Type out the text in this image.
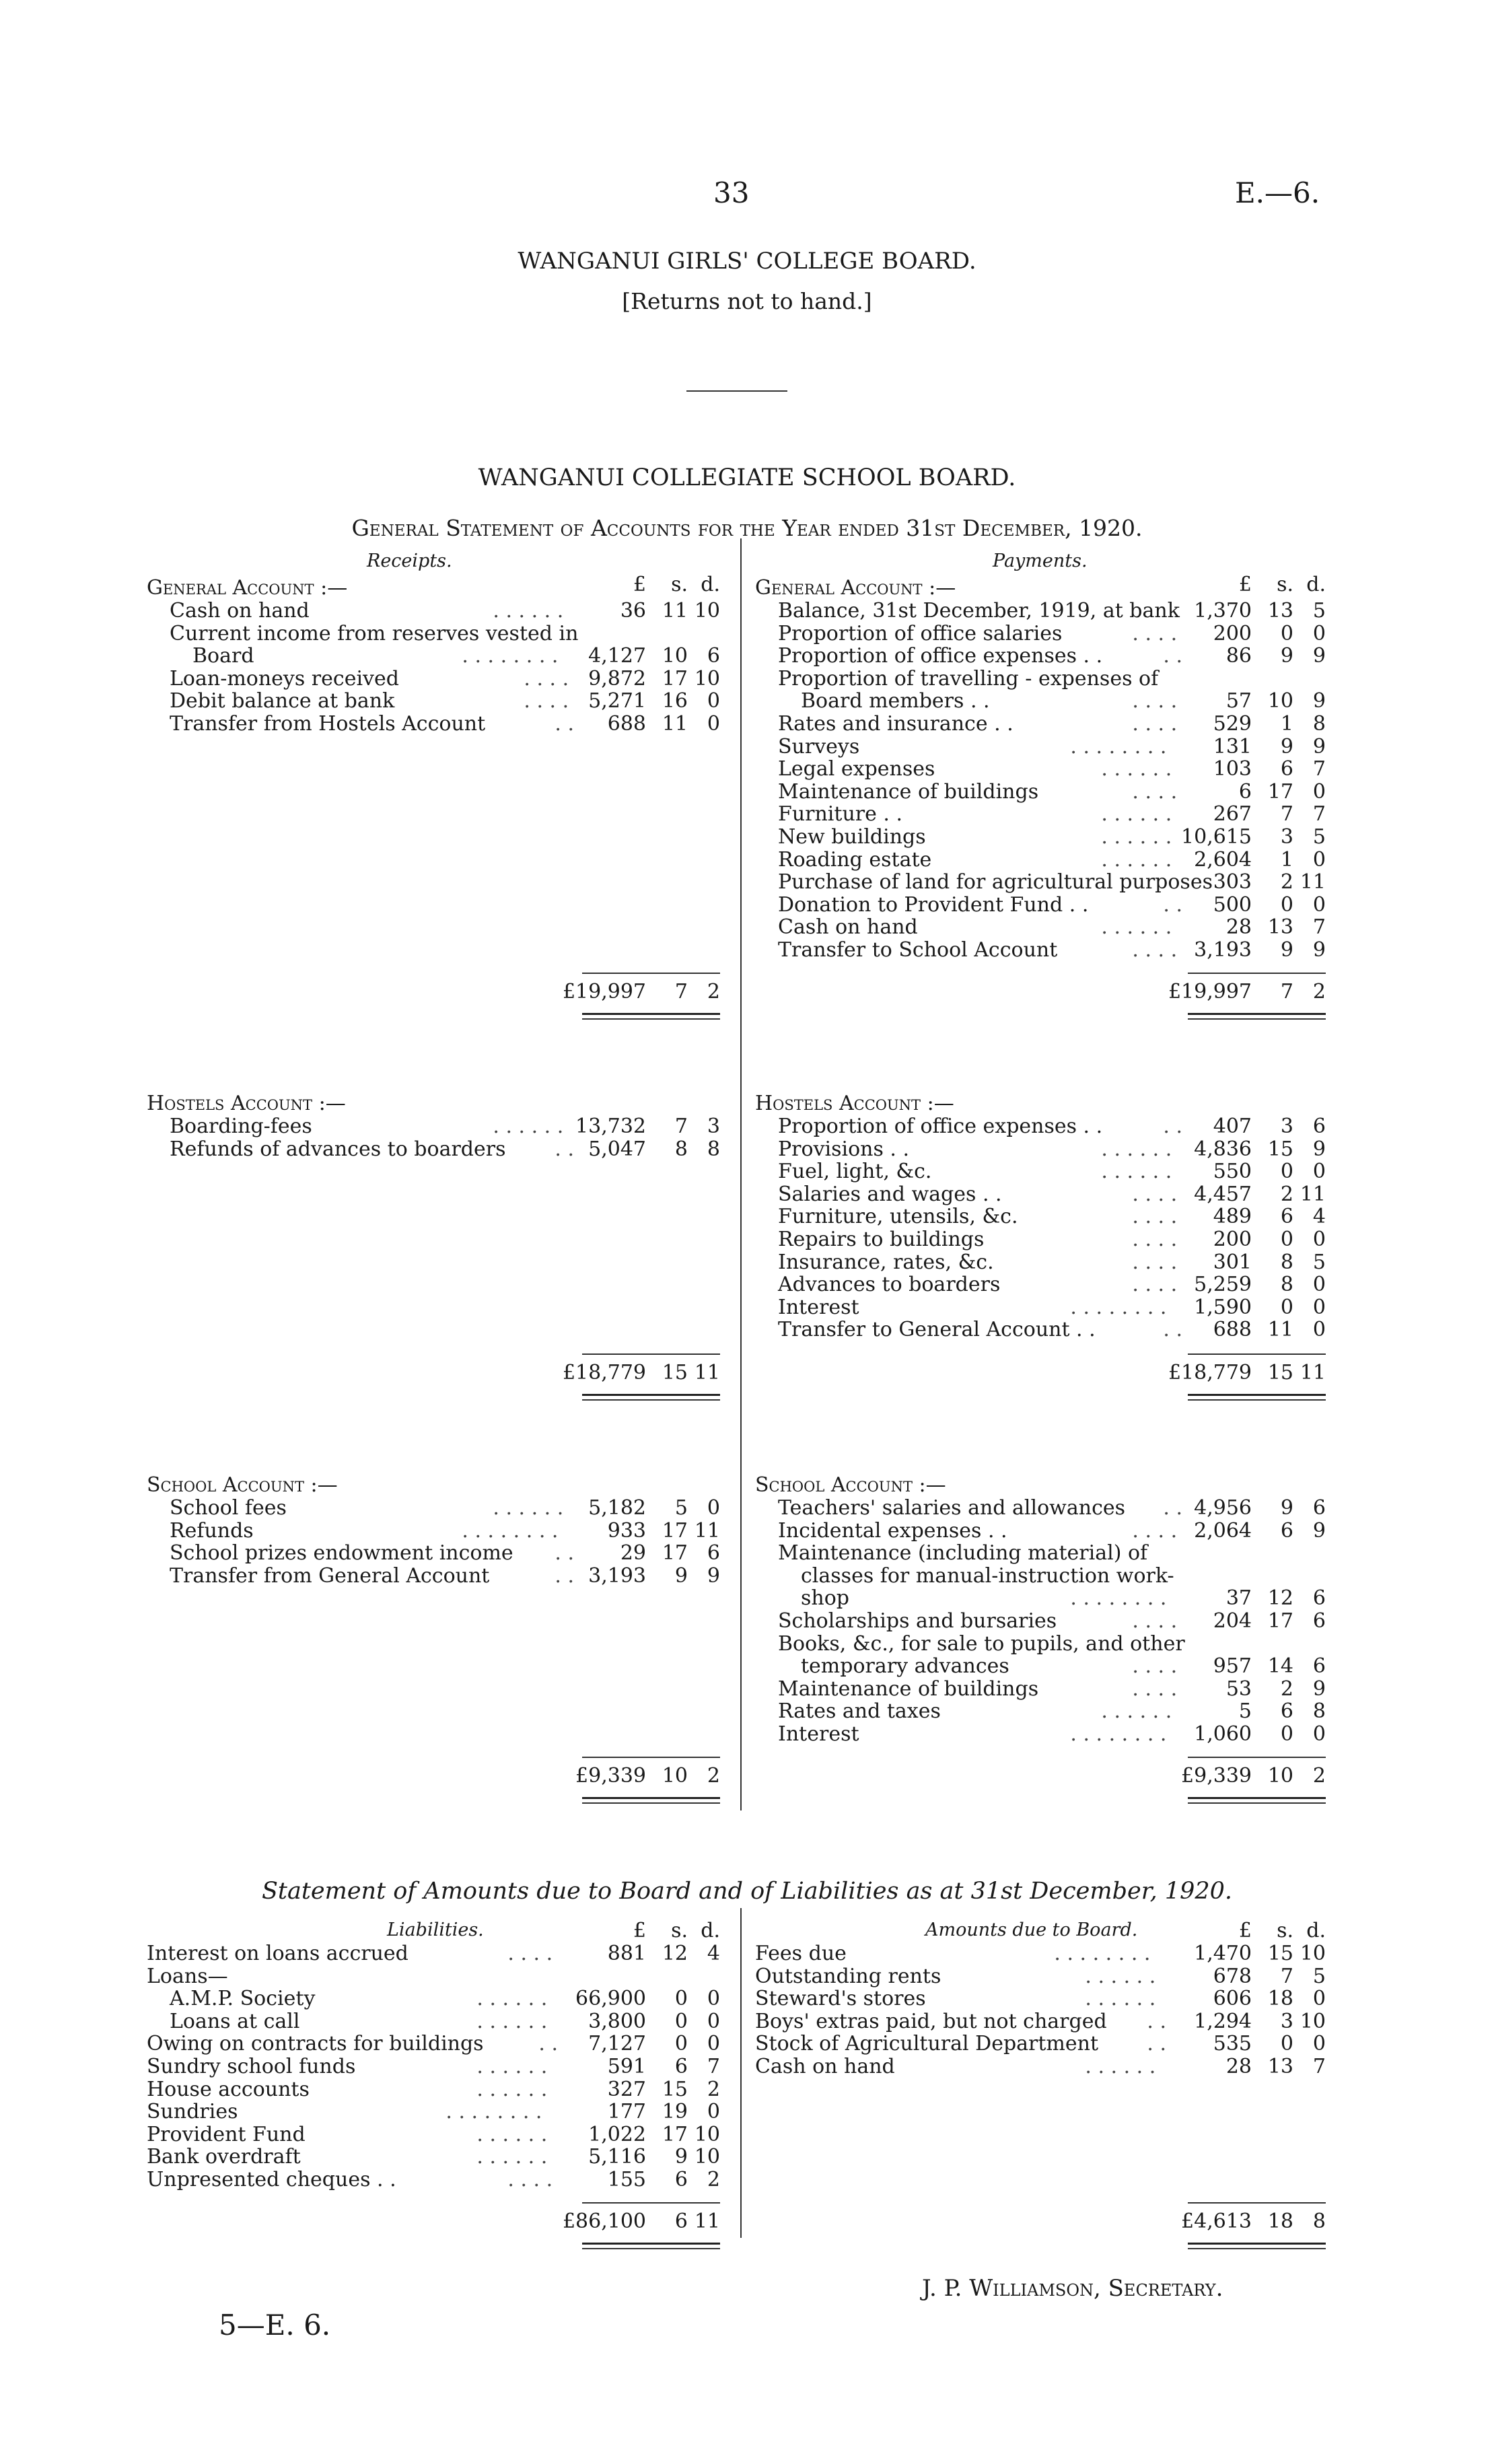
33	E.—6.
WANGANUI GIRLS' COLLEGE BOARD.
[Returns not to hand.]
WANGANUI COLLEGIATE SCHOOL BOARD.
General Statement of Accounts for the Year ended 31st December, 1920.
Receipts.	Payments.
£	s. d.	£	s. d.
General Account :—
Cash on hand	. . . . . .	36 11 10
Current income from reserves vested in
Board	. . . . . . . .	4,127 10 6
Loan-moneys received	. . . . 9,872 17 10
Debit balance at bank	. . . . 5,271 16 0
Transfer from Hostels Account	. .	688 11 0
General Account :—
Balance, 31st December, 1919, at bank 1,370 13 5
Proportion of office salaries	. . . .	200	0 0
Proportion of office expenses . .	. .	86	9 9
Proportion of travelling - expenses of
Board members . .	. . . .	57 10 9
Rates and insurance . .	. . . .	529	1 8
Surveys	. . . . . . . .	131	9 9
Legal expenses	. . . . . .	103	6 7
Maintenance of buildings	. . . .	6 17 0
Furniture . .	. . . . . .	267	7 7
New buildings	. . . . . . 10,615	3 5
Roading estate	. . . . . .	2,604	1 0
Purchase of land for agricultural purposes 303	2 11
Donation to Provident Fund . .	. .	500	0 0
Cash on hand	. . . . . .	28 13 7
Transfer to School Account	. . . . 3,193	9 9
£19,997	7 2	£19,997	7 2
Hostels Account :—
Boarding-fees	. . . . . . 13,732	7 3
Refunds of advances to boarders . . 5,047	8 8
Hostels Account :—
Proportion of office expenses . .	. .	407	3 6
Provisions . .	. . . . . .	4,836 15 9
Fuel, light, &c.	. . . . . .	550	0 0
Salaries and wages . .	. . . . 4,457	2 11
Furniture, utensils, &c.	. . . .	489	6 4
Repairs to buildings	. . . .	200	0 0
Insurance, rates, &c.	. . . .	301	8 5
Advances to boarders	. . . . 5,259	8 0
Interest	. . . . . . . .	1,590	0 0
Transfer to General Account . .	. .	688 11 0
£18,779 15 11	£18,779 15 11
School Account :—
School fees	. . . . . .	5,182	5 0
Refunds	. . . . . . . .	933 17 11
School prizes endowment income . .	29 17 6
Transfer from General Account	. . 3,193	9 9
School Account :—
Teachers' salaries and allowances . . 4,956	9 6
Incidental expenses . .	. . . . 2,064	6 9
Maintenance (including material) of
classes for manual-instruction work-
shop	. . . . . . . .	37 12 6
Scholarships and bursaries	. . . .	204 17 6
Books, &c., for sale to pupils, and other
temporary advances	. . . .	957 14 6
Maintenance of buildings	. . . .	53	2 9
Rates and taxes	. . . . . .	5	6 8
Interest	. . . . . . . .	1,060	0 0
£9,339 10 2	£9,339 10 2
Interest on loans accrued	. . . .	881 12 4
Loans—
A.M.P. Society	. . . . . .	66,900	0 0
Loans at call	. . . . . .	3,800	0 0
Owing on contracts for buildings	. .	7,127	0 0
Sundry school funds	. . . . . .	591	6 7
House accounts	. . . . . .	327 15 2
Sundries	. . . . . . . .	177 19 0
Provident Fund	. . . . . .	1,022 17 10
Bank overdraft	. . . . . .	5,116	9 10
Unpresented cheques . .	. . . .	155	6 2
Fees due	. . . . . . . .	1,470 15 10
Outstanding rents	. . . . . .	678	7 5
Steward's stores	. . . . . .	606 18 0
Boys' extras paid, but not charged . .	1,294	3 10
Stock of Agricultural Department . .	535	0 0
Cash on hand	. . . . . .	28 13 7
£86,100	6 11	£4,613 18 8
Statement of Amounts due to Board and of Liabilities as at 31st December, 1920.
Liabilities.	Amounts due to Board.
£	s. d.	£	s. d.
J. P. Williamson, Secretary.
5—E. 6.
